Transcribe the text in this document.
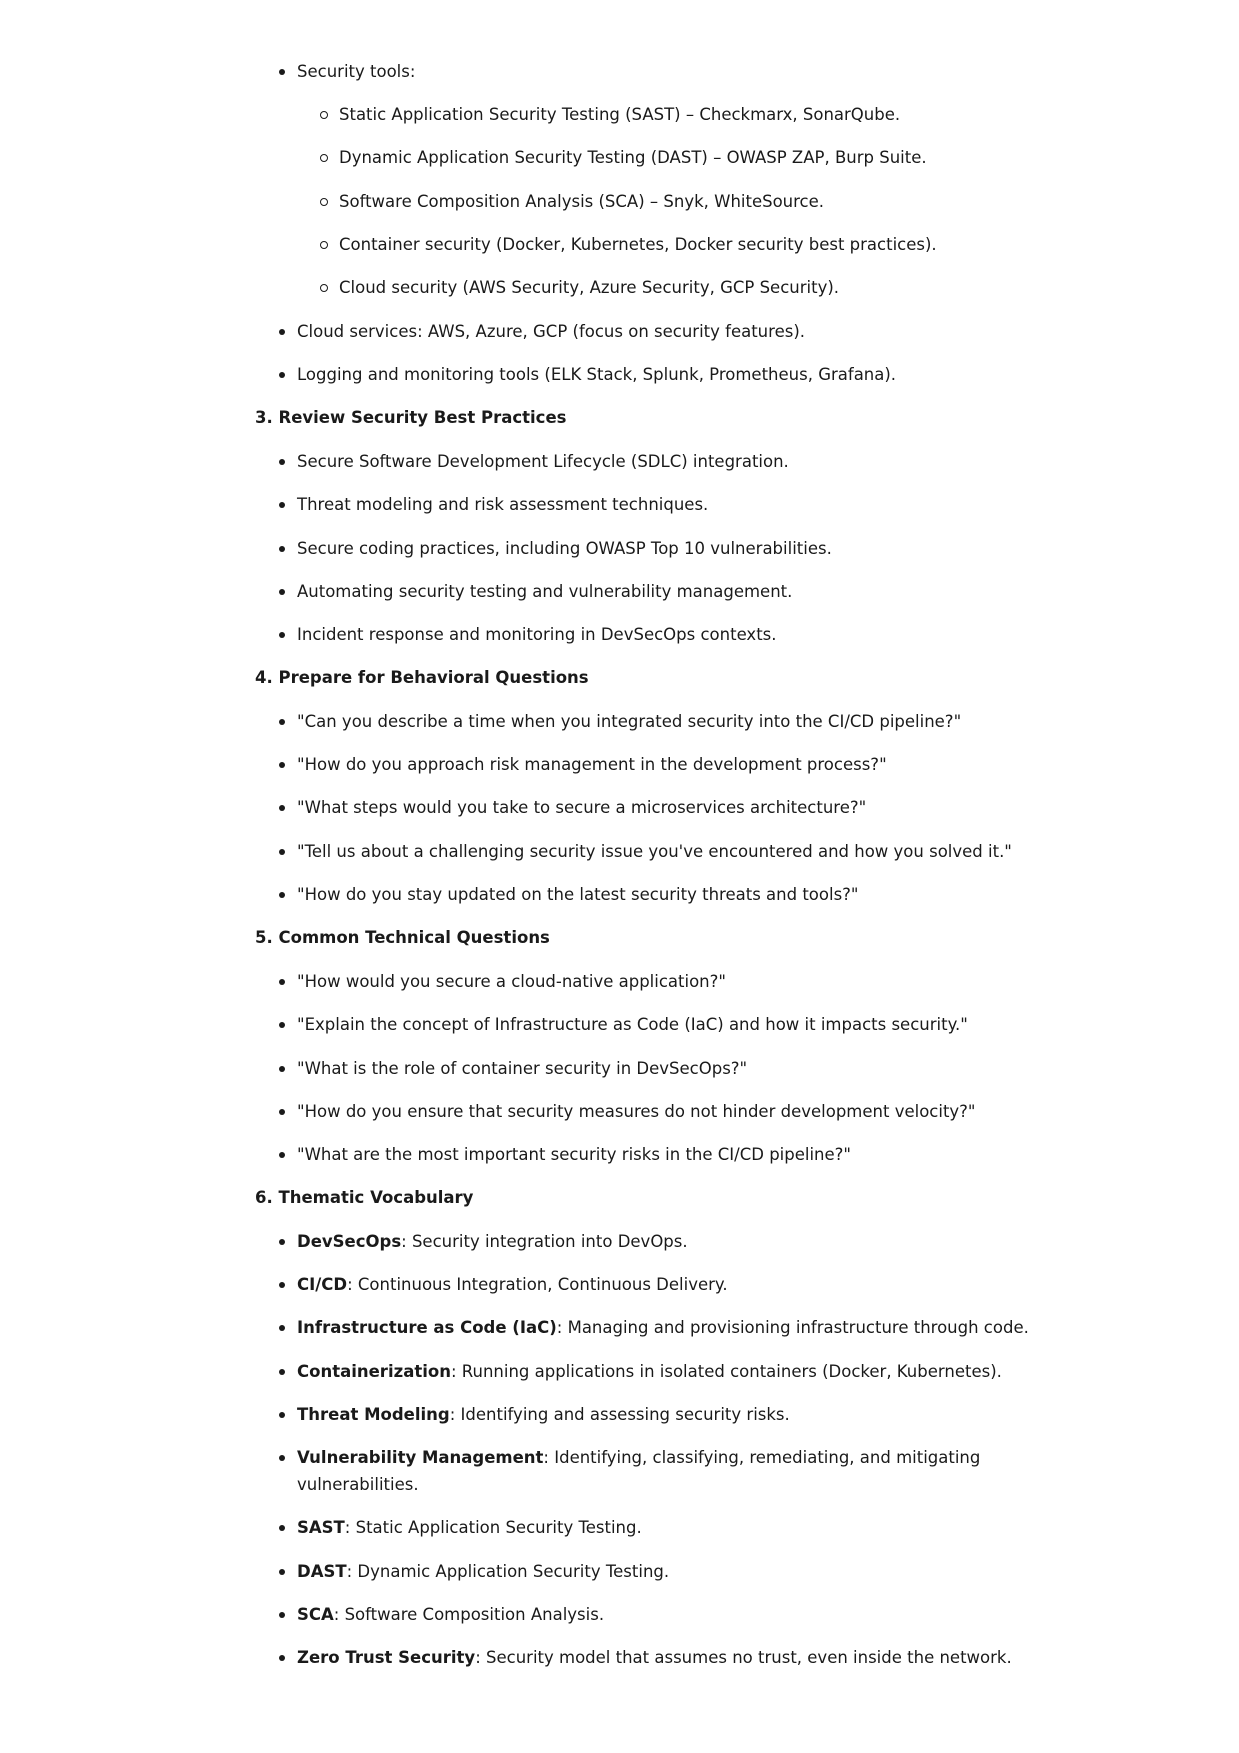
Security tools:
Static Application Security Testing (SAST) – Checkmarx, SonarQube.
Dynamic Application Security Testing (DAST) – OWASP ZAP, Burp Suite.
Software Composition Analysis (SCA) – Snyk, WhiteSource.
Container security (Docker, Kubernetes, Docker security best practices).
Cloud security (AWS Security, Azure Security, GCP Security).
Cloud services: AWS, Azure, GCP (focus on security features).
Logging and monitoring tools (ELK Stack, Splunk, Prometheus, Grafana).
3. Review Security Best Practices
Secure Software Development Lifecycle (SDLC) integration.
Threat modeling and risk assessment techniques.
Secure coding practices, including OWASP Top 10 vulnerabilities.
Automating security testing and vulnerability management.
Incident response and monitoring in DevSecOps contexts.
4. Prepare for Behavioral Questions
"Can you describe a time when you integrated security into the CI/CD pipeline?"
"How do you approach risk management in the development process?"
"What steps would you take to secure a microservices architecture?"
"Tell us about a challenging security issue you've encountered and how you solved it."
"How do you stay updated on the latest security threats and tools?"
5. Common Technical Questions
"How would you secure a cloud-native application?"
"Explain the concept of Infrastructure as Code (IaC) and how it impacts security."
"What is the role of container security in DevSecOps?"
"How do you ensure that security measures do not hinder development velocity?"
"What are the most important security risks in the CI/CD pipeline?"
6. Thematic Vocabulary
DevSecOps: Security integration into DevOps.
CI/CD: Continuous Integration, Continuous Delivery.
Infrastructure as Code (IaC): Managing and provisioning infrastructure through code.
Containerization: Running applications in isolated containers (Docker, Kubernetes).
Threat Modeling: Identifying and assessing security risks.
Vulnerability Management: Identifying, classifying, remediating, and mitigating
vulnerabilities.
SAST: Static Application Security Testing.
DAST: Dynamic Application Security Testing.
SCA: Software Composition Analysis.
Zero Trust Security: Security model that assumes no trust, even inside the network.
